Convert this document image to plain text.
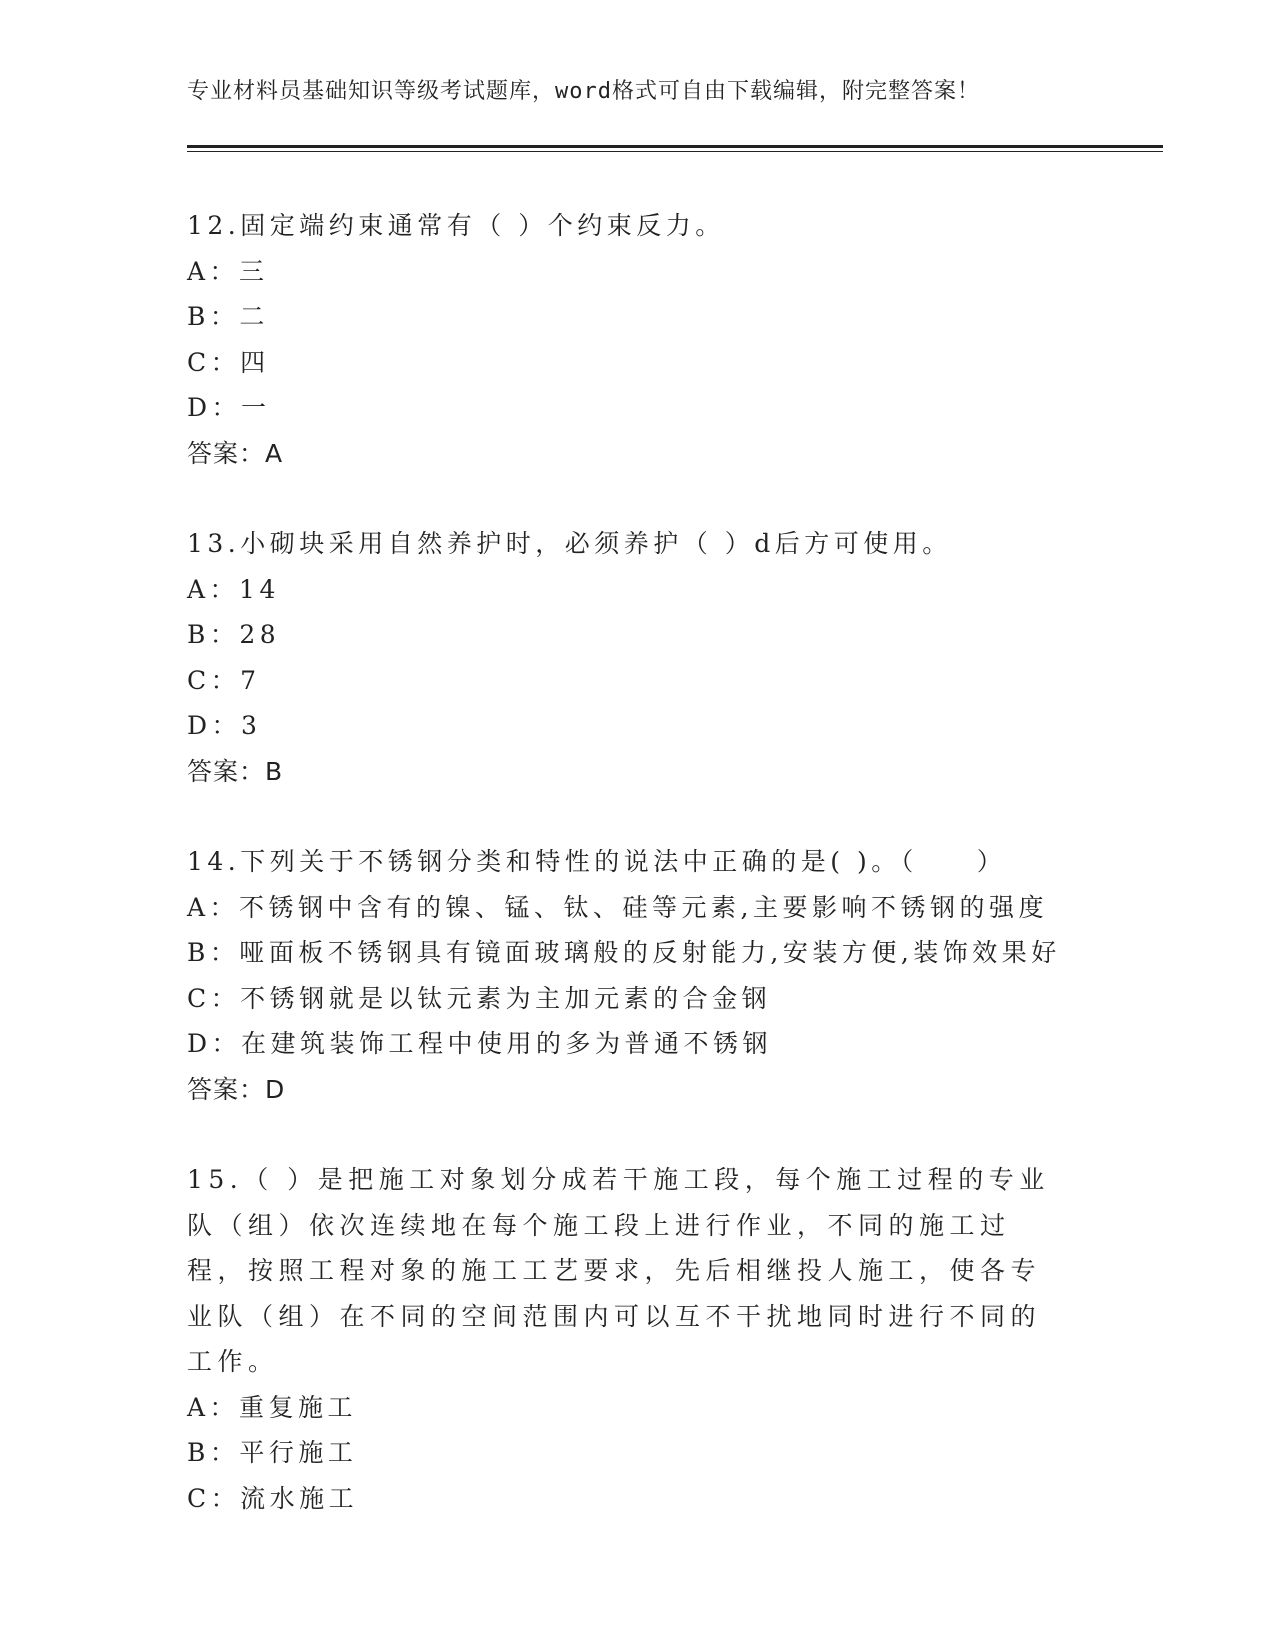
专业材料员基础知识等级考试题库，word格式可自由下载编辑，附完整答案！

12.固定端约束通常有（ ）个约束反力。

A：三

B：二

C：四

D：一

答案：A

13.小砌块采用自然养护时，必须养护（ ）d后方可使用。

A：14

B：28

C：7

D：3

答案：B

14.下列关于不锈钢分类和特性的说法中正确的是( )。（　　）

A：不锈钢中含有的镍、锰、钛、硅等元素,主要影响不锈钢的强度

B：哑面板不锈钢具有镜面玻璃般的反射能力,安装方便,装饰效果好

C：不锈钢就是以钛元素为主加元素的合金钢

D：在建筑装饰工程中使用的多为普通不锈钢

答案：D

15.（ ）是把施工对象划分成若干施工段，每个施工过程的专业队（组）依次连续地在每个施工段上进行作业，不同的施工过程，按照工程对象的施工工艺要求，先后相继投人施工，使各专业队（组）在不同的空间范围内可以互不干扰地同时进行不同的工作。

A：重复施工

B：平行施工

C：流水施工
